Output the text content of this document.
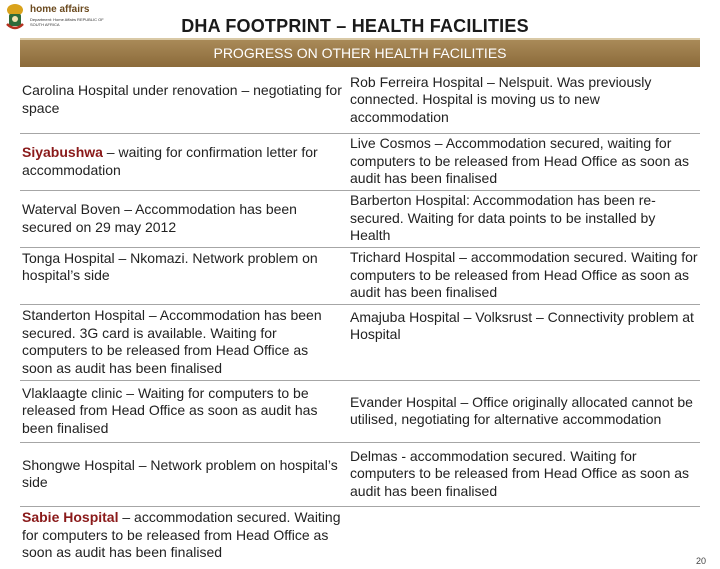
home affairs
Department: Home Affairs REPUBLIC OF SOUTH AFRICA	DHA FOOTPRINT – HEALTH FACILITIES
PROGRESS ON OTHER HEALTH FACILITIES
Carolina Hospital under renovation – negotiating for space	Rob Ferreira Hospital – Nelspuit. Was previously connected. Hospital is moving us to new accommodation
Siyabushwa – waiting for confirmation letter for accommodation	Live Cosmos – Accommodation secured, waiting for computers to be released from Head Office as soon as audit has been finalised
Waterval Boven – Accommodation has been secured on 29 may 2012	Barberton Hospital: Accommodation has been re-secured. Waiting for data points to be installed by Health
Tonga Hospital – Nkomazi. Network problem on hospital’s side	Trichard Hospital – accommodation secured. Waiting for computers to be released from Head Office as soon as audit has been finalised
Standerton Hospital – Accommodation has been secured. 3G card is available. Waiting for computers to be released from Head Office as soon as audit has been finalised	Amajuba Hospital – Volksrust – Connectivity problem at Hospital
Vlaklaagte clinic – Waiting for computers to be released from Head Office as soon as audit has been finalised	Evander Hospital – Office originally allocated cannot be utilised, negotiating for alternative accommodation
Shongwe Hospital – Network problem on hospital’s side	Delmas - accommodation secured. Waiting for computers to be released from Head Office as soon as audit has been finalised
Sabie Hospital – accommodation secured. Waiting for computers to be released from Head Office as soon as audit has been finalised	
20
